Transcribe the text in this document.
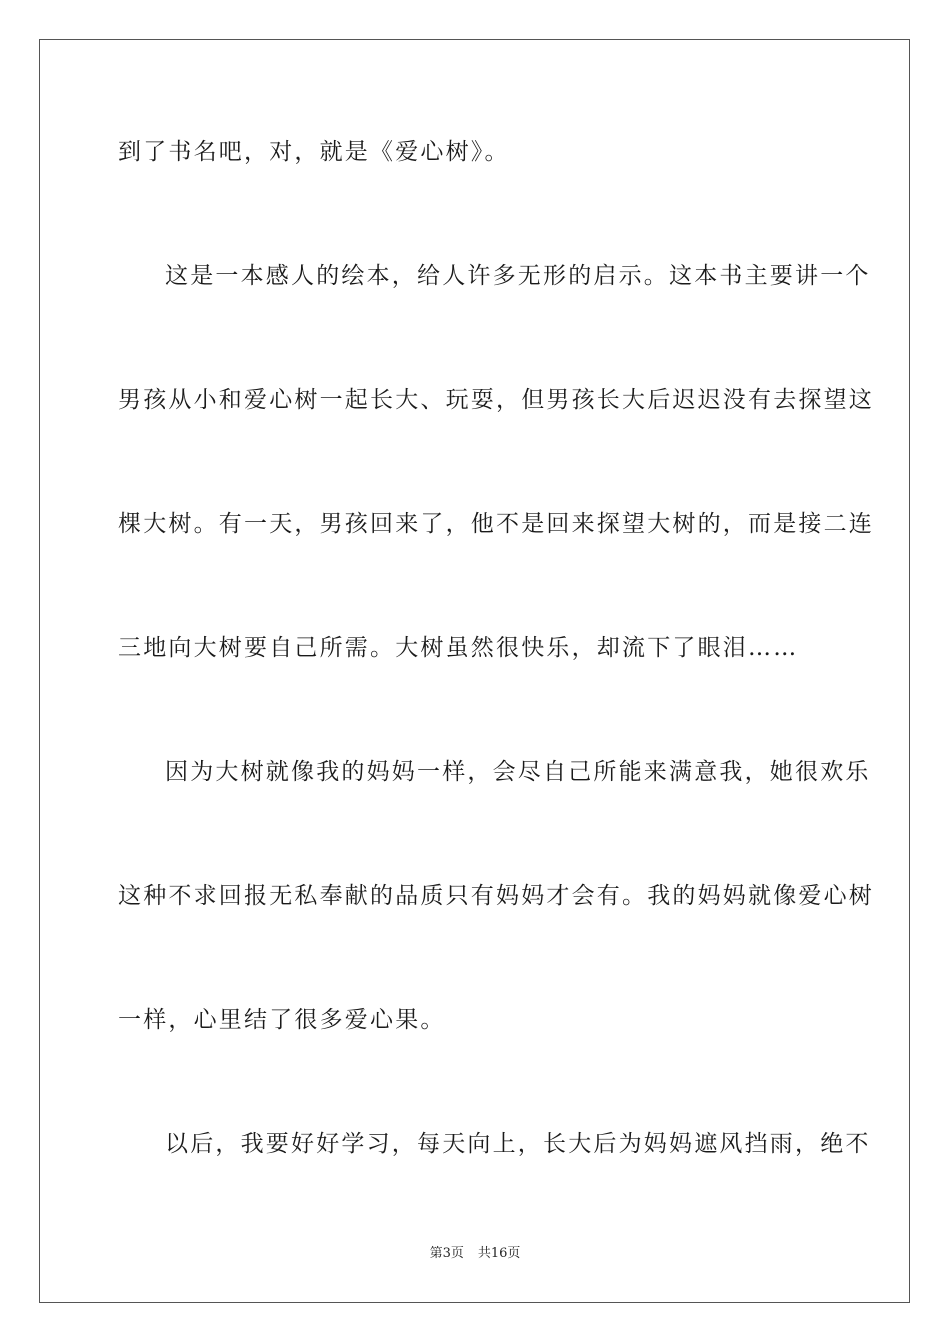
到了书名吧，对，就是《爱心树》。
这是一本感人的绘本，给人许多无形的启示。这本书主要讲一个
男孩从小和爱心树一起长大、玩耍，但男孩长大后迟迟没有去探望这
棵大树。有一天，男孩回来了，他不是回来探望大树的，而是接二连
三地向大树要自己所需。大树虽然很快乐，却流下了眼泪……
因为大树就像我的妈妈一样，会尽自己所能来满意我，她很欢乐
这种不求回报无私奉献的品质只有妈妈才会有。我的妈妈就像爱心树
一样，心里结了很多爱心果。
以后，我要好好学习，每天向上，长大后为妈妈遮风挡雨，绝不
第3页 共16页
